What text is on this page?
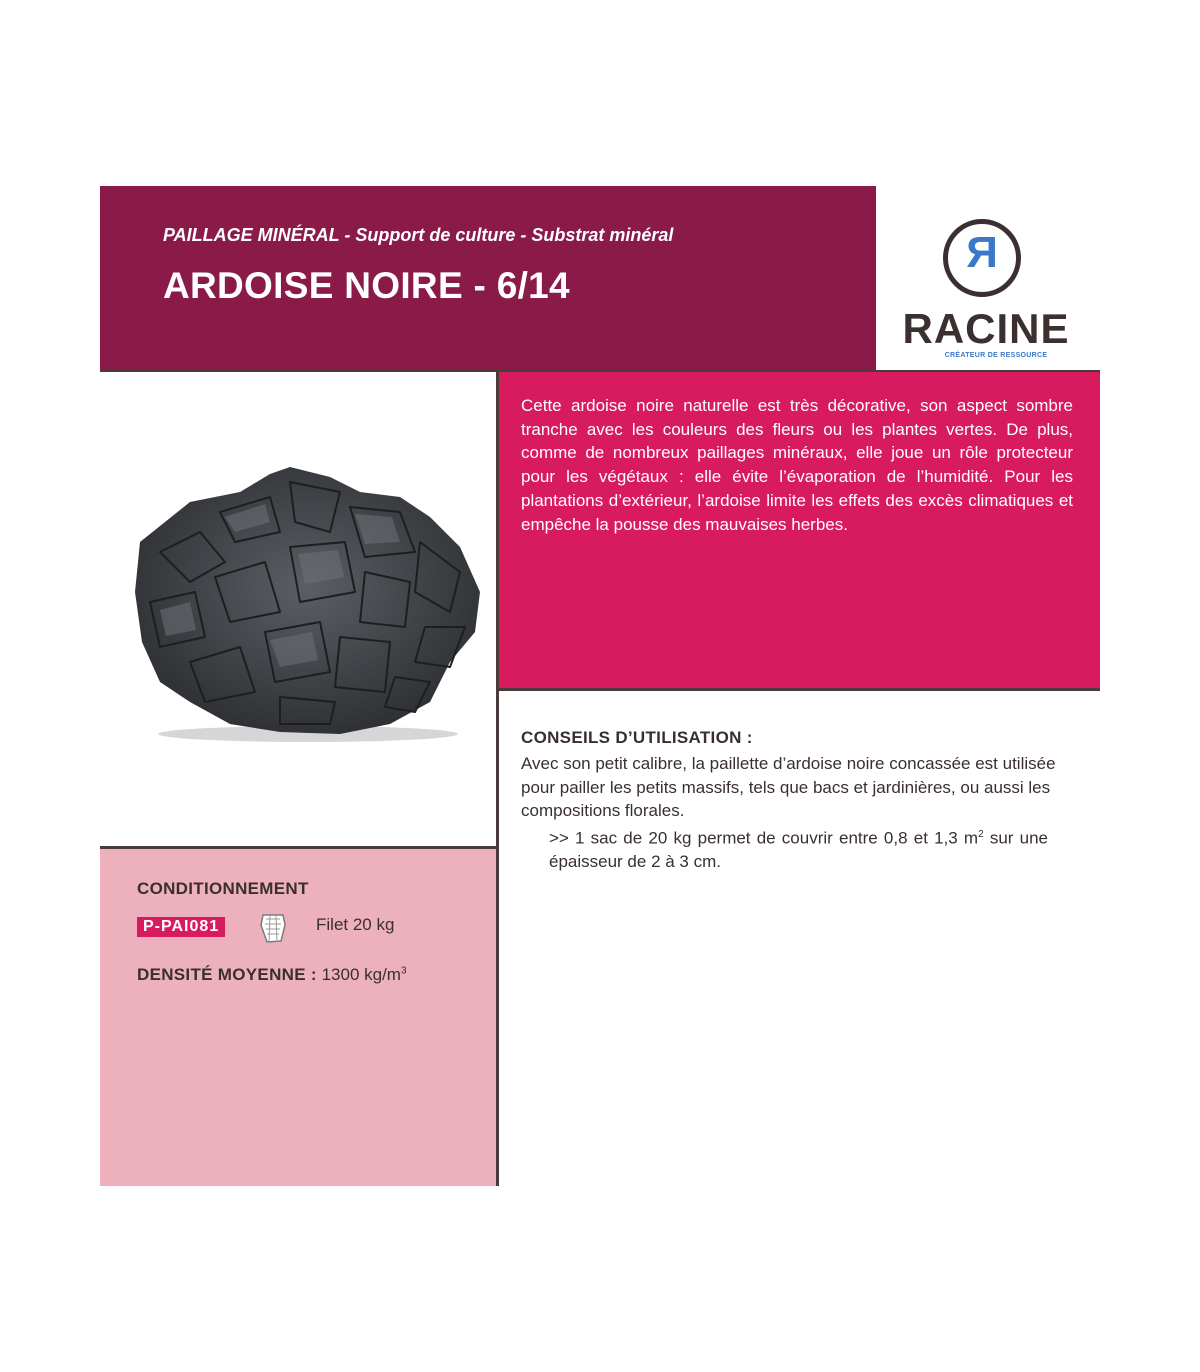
PAILLAGE MINÉRAL - Support de culture - Substrat minéral
ARDOISE NOIRE - 6/14
R
RACINE
CRÉATEUR DE RESSOURCE
Cette ardoise noire naturelle est très décorative, son aspect sombre tranche avec les couleurs des fleurs ou les plantes vertes. De plus, comme de nombreux paillages minéraux, elle joue un rôle protecteur pour les végétaux : elle évite l’évaporation de l’humidité. Pour les plantations d’extérieur, l’ardoise limite les effets des excès climatiques et empêche la pousse des mauvaises herbes.
CONDITIONNEMENT
P-PAI081	Filet 20 kg
DENSITÉ MOYENNE : 1300 $kg/m^3$
CONSEILS D’UTILISATION :
Avec son petit calibre, la paillette d’ardoise noire concassée est utilisée pour pailler les petits massifs, tels que bacs et jardinières, ou aussi les compositions florales.
>> 1 sac de 20 kg permet de couvrir entre 0,8 et 1,3 $m^2$ sur une épaisseur de 2 à 3 cm.
